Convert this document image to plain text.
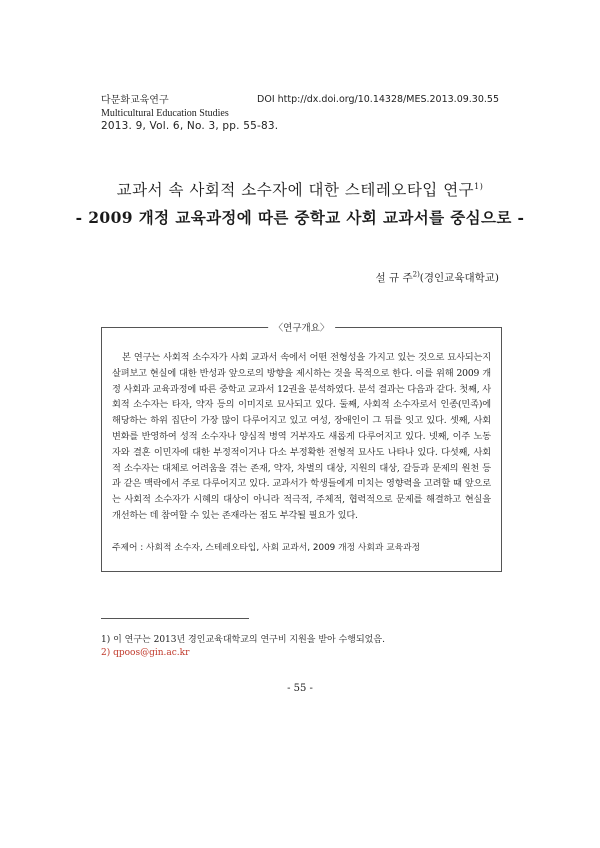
다문화교육연구
Multicultural Education Studies
2013. 9, Vol. 6, No. 3, pp. 55-83.
DOI http://dx.doi.org/10.14328/MES.2013.09.30.55
교과서 속 사회적 소수자에 대한 스테레오타입 연구$^{1)}$
- 2009 개정 교육과정에 따른 중학교 사회 교과서를 중심으로 -
설 규 주$^{2)}$(경인교육대학교)
〈연구개요〉
본 연구는 사회적 소수자가 사회 교과서 속에서 어떤 전형성을 가지고 있는 것으로 묘사되는지 살펴보고 현실에 대한 반성과 앞으로의 방향을 제시하는 것을 목적으로 한다. 이를 위해 2009 개정 사회과 교육과정에 따른 중학교 교과서 12권을 분석하였다. 분석 결과는 다음과 같다. 첫째, 사회적 소수자는 타자, 약자 등의 이미지로 묘사되고 있다. 둘째, 사회적 소수자로서 인종(민족)에 해당하는 하위 집단이 가장 많이 다루어지고 있고 여성, 장애인이 그 뒤를 잇고 있다. 셋째, 사회 변화를 반영하여 성적 소수자나 양심적 병역 거부자도 새롭게 다루어지고 있다. 넷째, 이주 노동자와 결혼 이민자에 대한 부정적이거나 다소 부정확한 전형적 묘사도 나타나 있다. 다섯째, 사회적 소수자는 대체로 어려움을 겪는 존재, 약자, 차별의 대상, 지원의 대상, 갈등과 문제의 원천 등과 같은 맥락에서 주로 다루어지고 있다. 교과서가 학생들에게 미치는 영향력을 고려할 때 앞으로는 사회적 소수자가 시혜의 대상이 아니라 적극적, 주체적, 협력적으로 문제를 해결하고 현실을 개선하는 데 참여할 수 있는 존재라는 점도 부각될 필요가 있다.
주제어 : 사회적 소수자, 스테레오타입, 사회 교과서, 2009 개정 사회과 교육과정
1) 이 연구는 2013년 경인교육대학교의 연구비 지원을 받아 수행되었음.
2) qpoos@gin.ac.kr
- 55 -
